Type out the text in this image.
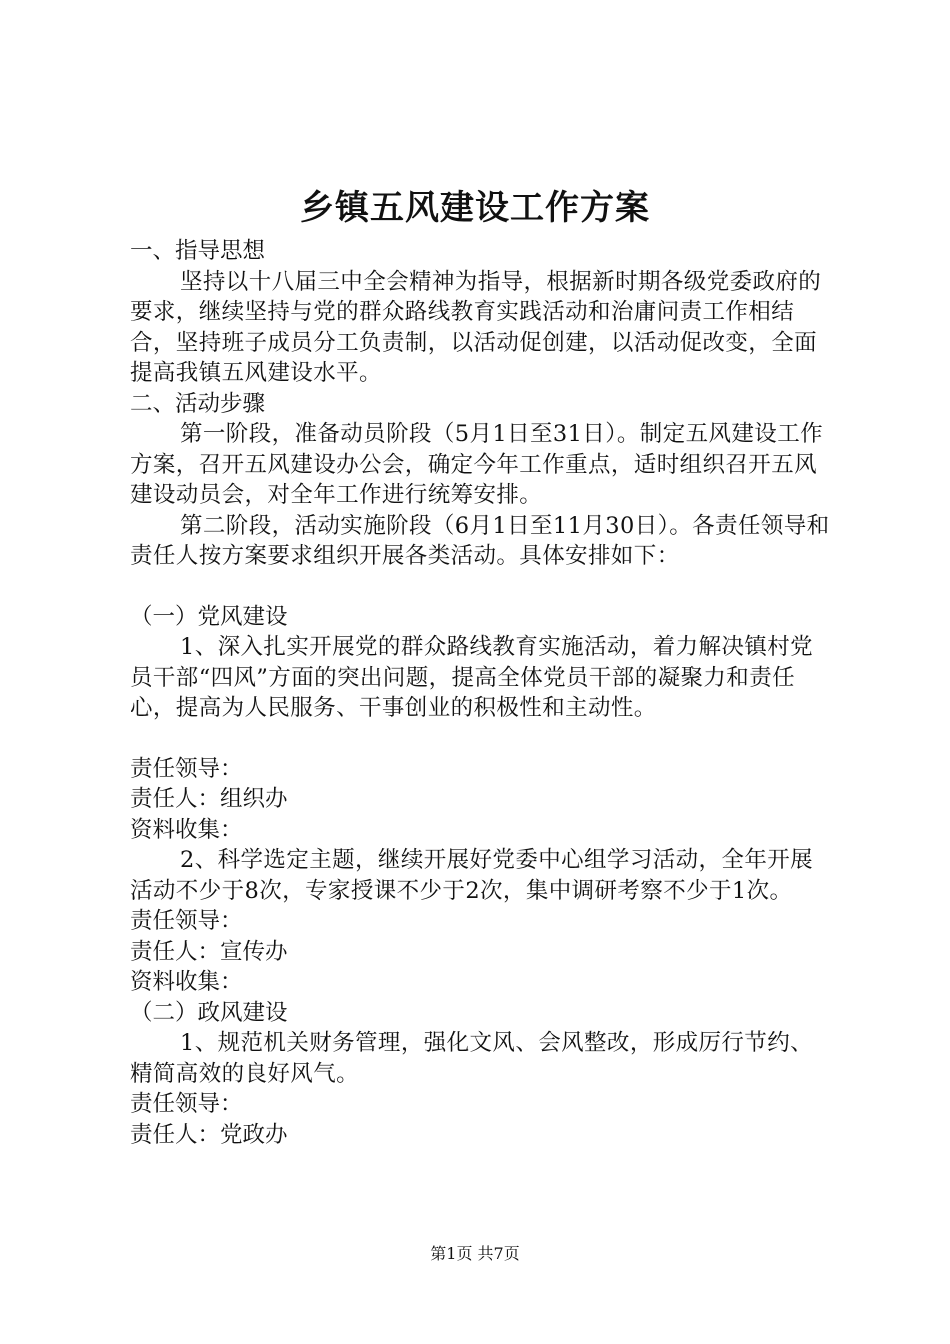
乡镇五风建设工作方案

一、指导思想

坚持以十八届三中全会精神为指导，根据新时期各级党委政府的要求，继续坚持与党的群众路线教育实践活动和治庸问责工作相结合，坚持班子成员分工负责制，以活动促创建，以活动促改变，全面提高我镇五风建设水平。

二、活动步骤

第一阶段，准备动员阶段（5月1日至31日）。制定五风建设工作方案，召开五风建设办公会，确定今年工作重点，适时组织召开五风建设动员会，对全年工作进行统筹安排。

第二阶段，活动实施阶段（6月1日至11月30日）。各责任领导和责任人按方案要求组织开展各类活动。具体安排如下：

（一）党风建设

1、深入扎实开展党的群众路线教育实施活动，着力解决镇村党员干部“四风”方面的突出问题，提高全体党员干部的凝聚力和责任心，提高为人民服务、干事创业的积极性和主动性。

责任领导：

责任人：组织办

资料收集：

2、科学选定主题，继续开展好党委中心组学习活动，全年开展活动不少于8次，专家授课不少于2次，集中调研考察不少于1次。

责任领导：

责任人：宣传办

资料收集：

（二）政风建设

1、规范机关财务管理，强化文风、会风整改，形成厉行节约、精简高效的良好风气。

责任领导：

责任人：党政办

第1页 共7页
